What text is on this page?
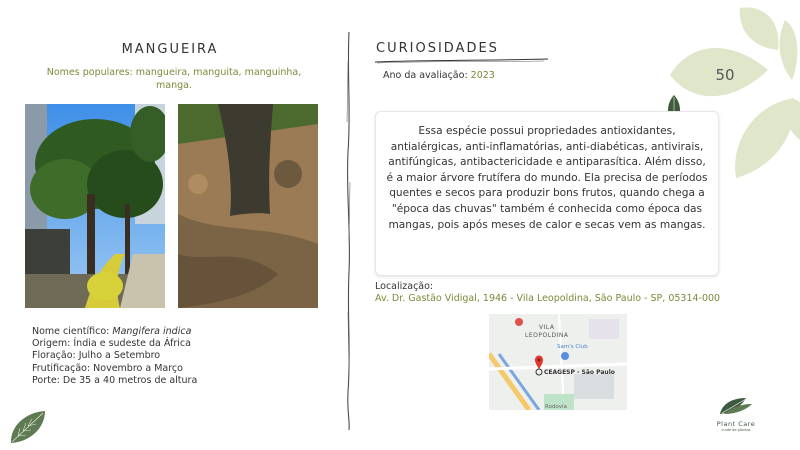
MANGUEIRA
Nomes populares: mangueira, manguita, manguinha, manga.
Nome científico: Mangifera indica
Origem: Índia e sudeste da África
Floração: Julho a Setembro
Frutificação: Novembro a Março
Porte: De 35 a 40 metros de altura
CURIOSIDADES
Ano da avaliação: 2023
Essa espécie possui propriedades antioxidantes, antialérgicas, anti-inflamatórias, anti-diabéticas, antivirais, antifúngicas, antibactericidade e antiparasítica. Além disso, é a maior árvore frutífera do mundo. Ela precisa de períodos quentes e secos para produzir bons frutos, quando chega a "época das chuvas" também é conhecida como época das mangas, pois após meses de calor e secas vem as mangas.
Localização:
Av. Dr. Gastão Vidigal, 1946 - Vila Leopoldina, São Paulo - SP, 05314-000
VILA
LEOPOLDINA
Sam's Club
CEAGESP - São Paulo
Rodovia
50
Plant Care
cuide de plantas
